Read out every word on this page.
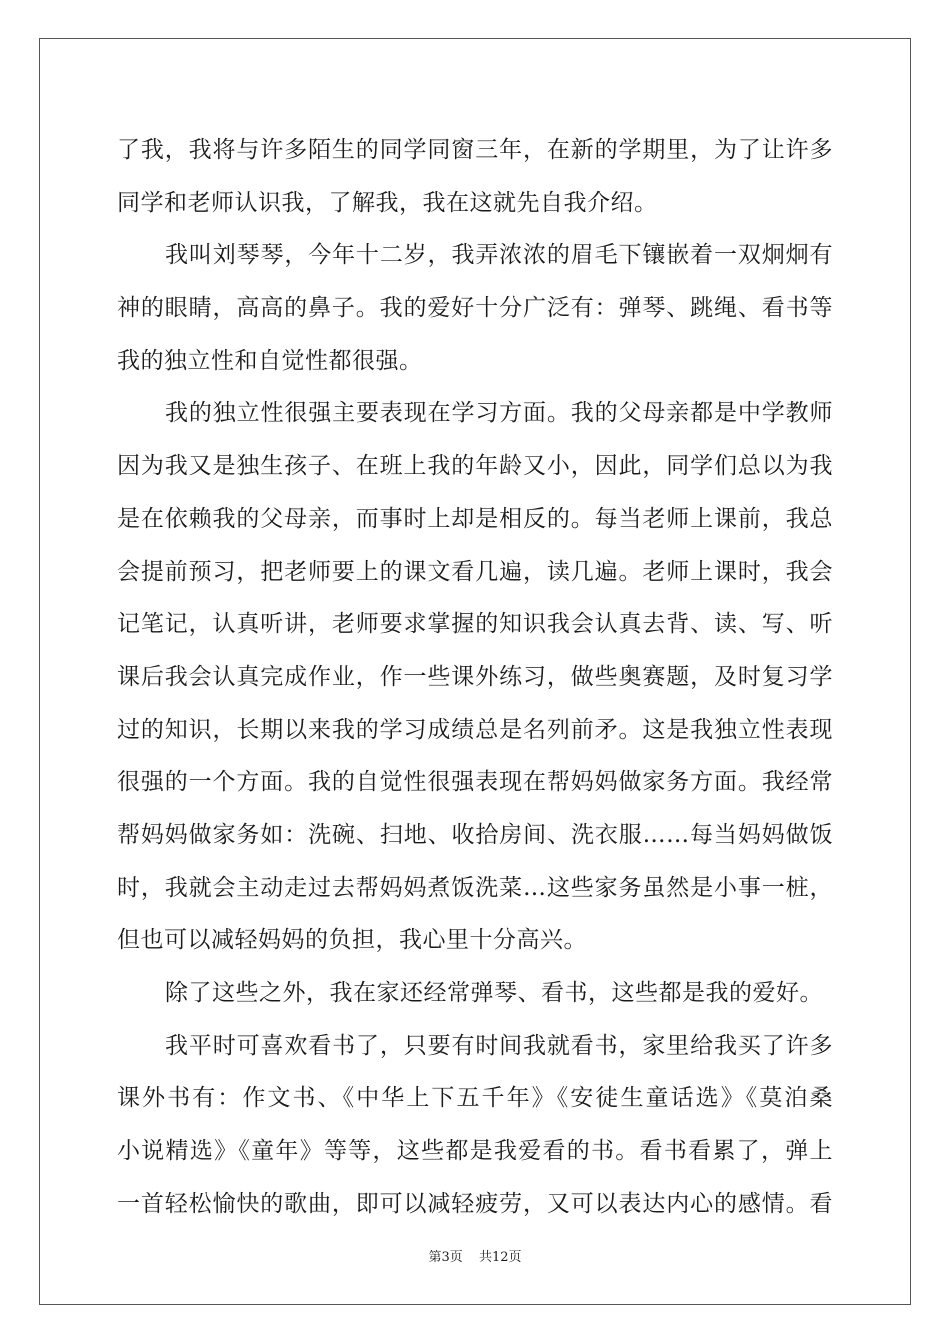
了我，我将与许多陌生的同学同窗三年，在新的学期里，为了让许多
同学和老师认识我，了解我，我在这就先自我介绍。
我叫刘琴琴，今年十二岁，我弄浓浓的眉毛下镶嵌着一双炯炯有
神的眼睛，高高的鼻子。我的爱好十分广泛有：弹琴、跳绳、看书等
我的独立性和自觉性都很强。
我的独立性很强主要表现在学习方面。我的父母亲都是中学教师
因为我又是独生孩子、在班上我的年龄又小，因此，同学们总以为我
是在依赖我的父母亲，而事时上却是相反的。每当老师上课前，我总
会提前预习，把老师要上的课文看几遍，读几遍。老师上课时，我会
记笔记，认真听讲，老师要求掌握的知识我会认真去背、读、写、听
课后我会认真完成作业，作一些课外练习，做些奥赛题，及时复习学
过的知识，长期以来我的学习成绩总是名列前矛。这是我独立性表现
很强的一个方面。我的自觉性很强表现在帮妈妈做家务方面。我经常
帮妈妈做家务如：洗碗、扫地、收拾房间、洗衣服……每当妈妈做饭
时，我就会主动走过去帮妈妈煮饭洗菜…这些家务虽然是小事一桩，
但也可以减轻妈妈的负担，我心里十分高兴。
除了这些之外，我在家还经常弹琴、看书，这些都是我的爱好。
我平时可喜欢看书了，只要有时间我就看书，家里给我买了许多
课外书有：作文书、《中华上下五千年》《安徒生童话选》《莫泊桑
小说精选》《童年》等等，这些都是我爱看的书。看书看累了，弹上
一首轻松愉快的歌曲，即可以减轻疲劳，又可以表达内心的感情。看
第3页 共12页
